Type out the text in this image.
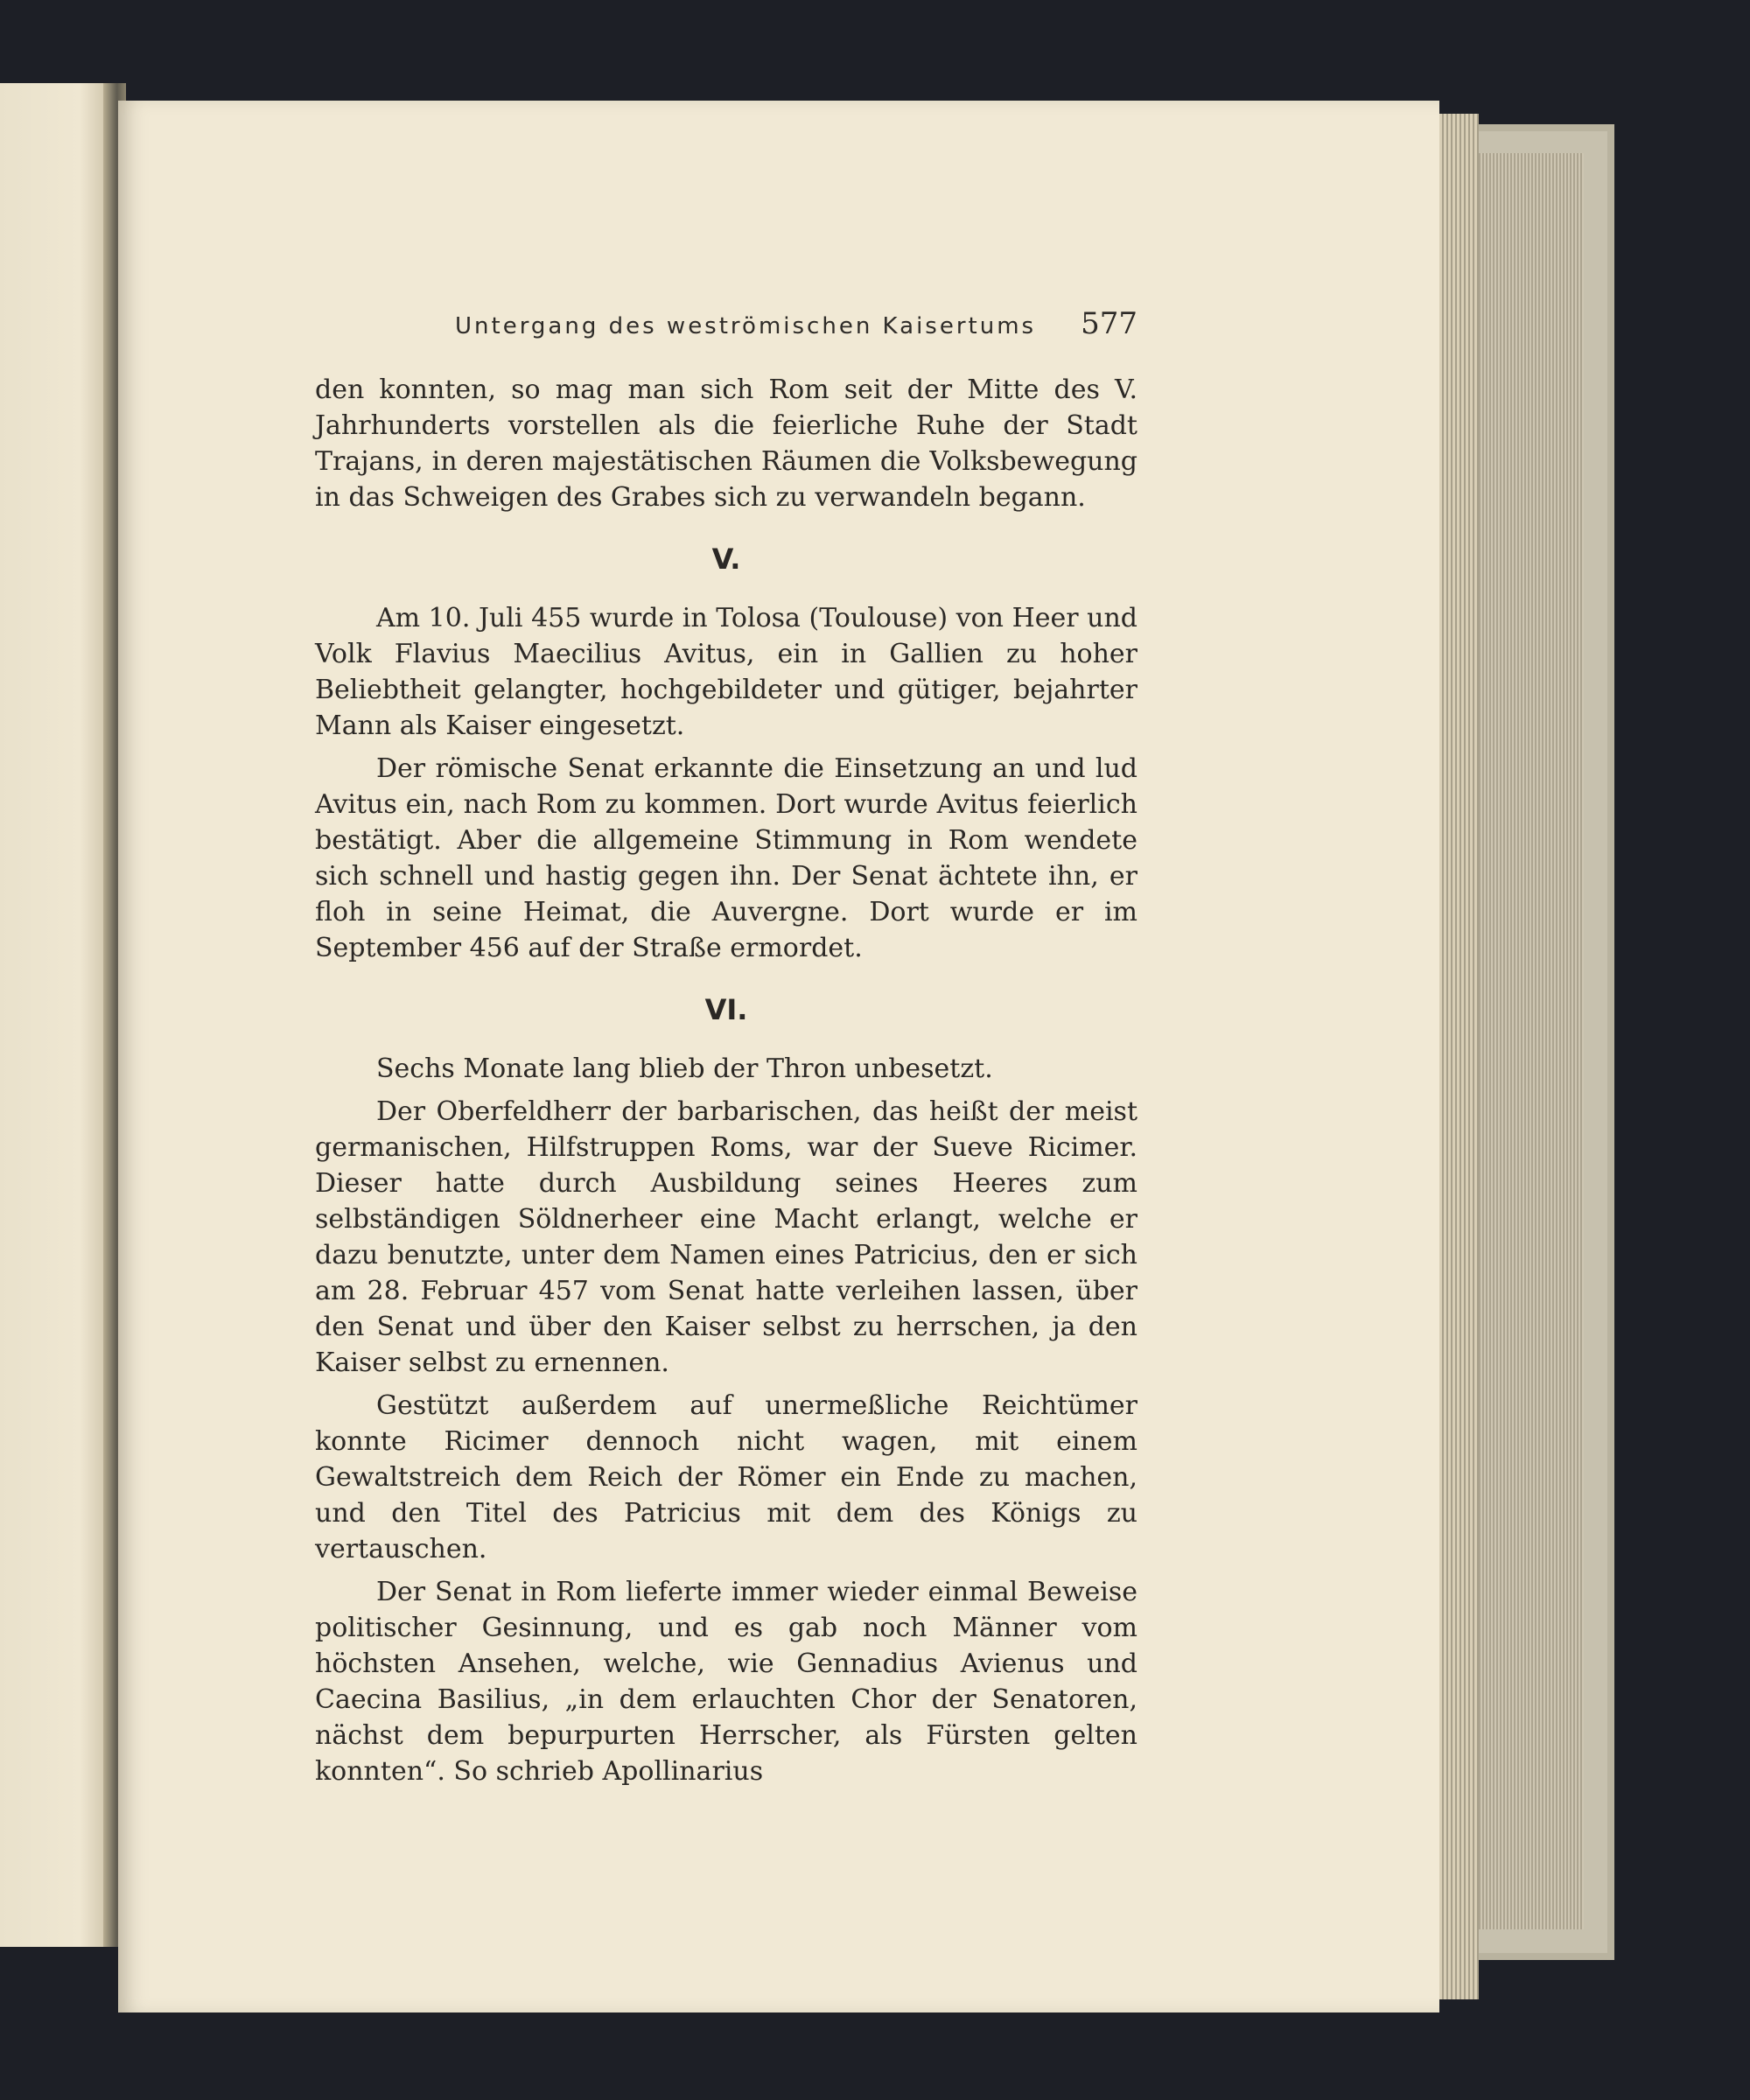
Untergang des weströmischen Kaisertums 577

den konnten, so mag man sich Rom seit der Mitte des V. Jahrhunderts vorstellen als die feierliche Ruhe der Stadt Trajans, in deren majestätischen Räumen die Volksbewegung in das Schweigen des Grabes sich zu verwandeln begann.

V.

Am 10. Juli 455 wurde in Tolosa (Toulouse) von Heer und Volk Flavius Maecilius Avitus, ein in Gallien zu hoher Beliebtheit gelangter, hochgebildeter und gütiger, bejahrter Mann als Kaiser eingesetzt.

Der römische Senat erkannte die Einsetzung an und lud Avitus ein, nach Rom zu kommen. Dort wurde Avitus feierlich bestätigt. Aber die allgemeine Stimmung in Rom wendete sich schnell und hastig gegen ihn. Der Senat ächtete ihn, er floh in seine Heimat, die Auvergne. Dort wurde er im September 456 auf der Straße ermordet.

VI.

Sechs Monate lang blieb der Thron unbesetzt.

Der Oberfeldherr der barbarischen, das heißt der meist germanischen, Hilfstruppen Roms, war der Sueve Ricimer. Dieser hatte durch Ausbildung seines Heeres zum selbständigen Söldnerheer eine Macht erlangt, welche er dazu benutzte, unter dem Namen eines Patricius, den er sich am 28. Februar 457 vom Senat hatte verleihen lassen, über den Senat und über den Kaiser selbst zu herrschen, ja den Kaiser selbst zu ernennen.

Gestützt außerdem auf unermeßliche Reichtümer konnte Ricimer dennoch nicht wagen, mit einem Gewaltstreich dem Reich der Römer ein Ende zu machen, und den Titel des Patricius mit dem des Königs zu vertauschen.

Der Senat in Rom lieferte immer wieder einmal Beweise politischer Gesinnung, und es gab noch Männer vom höchsten Ansehen, welche, wie Gennadius Avienus und Caecina Basilius, „in dem erlauchten Chor der Senatoren, nächst dem bepurpurten Herrscher, als Fürsten gelten konnten“. So schrieb Apollinarius
